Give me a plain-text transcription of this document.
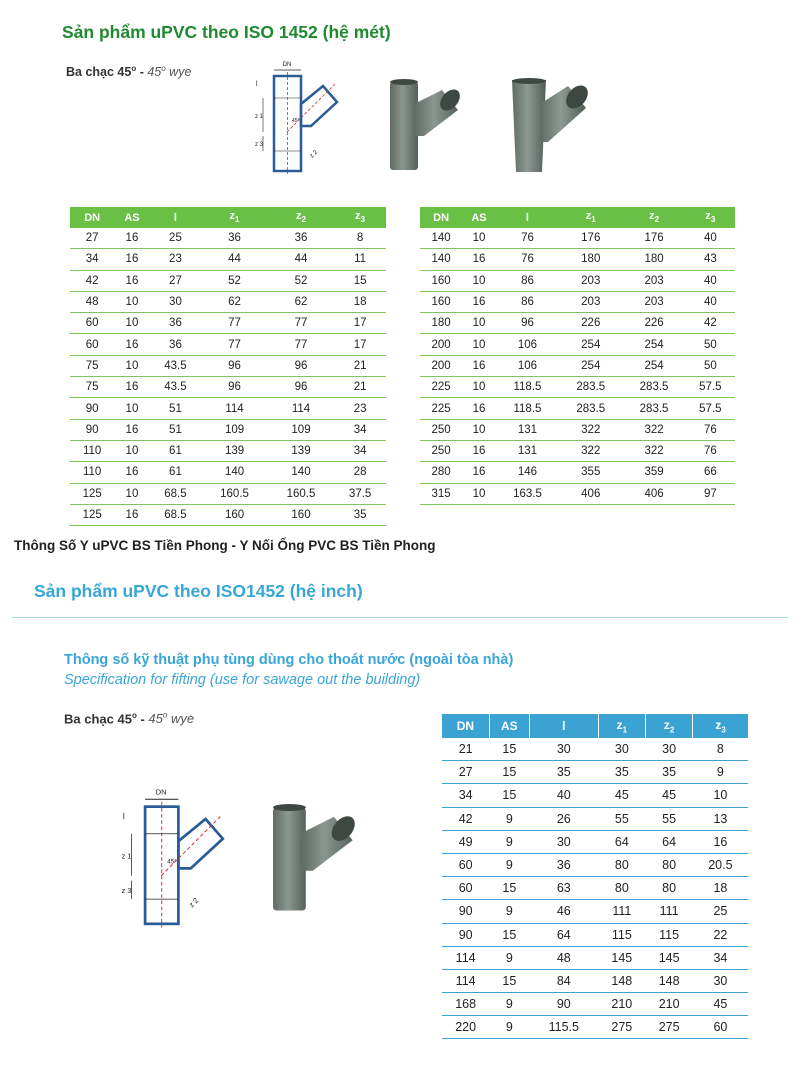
Sản phẩm uPVC theo ISO 1452 (hệ mét)
Ba chạc 45$^o$ - 45$^o$ wye
DN
z 1
z 3
l
z 2
45°
DN	AS	l	$z_1$	$z_2$	$z_3$
27	16	25	36	36	8
34	16	23	44	44	11
42	16	27	52	52	15
48	10	30	62	62	18
60	10	36	77	77	17
60	16	36	77	77	17
75	10	43.5	96	96	21
75	16	43.5	96	96	21
90	10	51	114	114	23
90	16	51	109	109	34
110	10	61	139	139	34
110	16	61	140	140	28
125	10	68.5	160.5	160.5	37.5
125	16	68.5	160	160	35
DN	AS	l	$z_1$	$z_2$	$z_3$
140	10	76	176	176	40
140	16	76	180	180	43
160	10	86	203	203	40
160	16	86	203	203	40
180	10	96	226	226	42
200	10	106	254	254	50
200	16	106	254	254	50
225	10	118.5	283.5	283.5	57.5
225	16	118.5	283.5	283.5	57.5
250	10	131	322	322	76
250	16	131	322	322	76
280	16	146	355	359	66
315	10	163.5	406	406	97

Thông Số Y uPVC BS Tiền Phong - Y Nối Ống PVC BS Tiền Phong

Sản phẩm uPVC theo ISO1452 (hệ inch)
Thông số kỹ thuật phụ tùng dùng cho thoát nước (ngoài tòa nhà)
Specification for fifting (use for sawage out the building)
Ba chạc 45$^o$ - 45$^o$ wye
DN
z 1
z 3
l
z 2
45°
DN	AS	l	$z_1$	$z_2$	$z_3$
21	15	30	30	30	8
27	15	35	35	35	9
34	15	40	45	45	10
42	9	26	55	55	13
49	9	30	64	64	16
60	9	36	80	80	20.5
60	15	63	80	80	18
90	9	46	111	111	25
90	15	64	115	115	22
114	9	48	145	145	34
114	15	84	148	148	30
168	9	90	210	210	45
220	9	115.5	275	275	60
